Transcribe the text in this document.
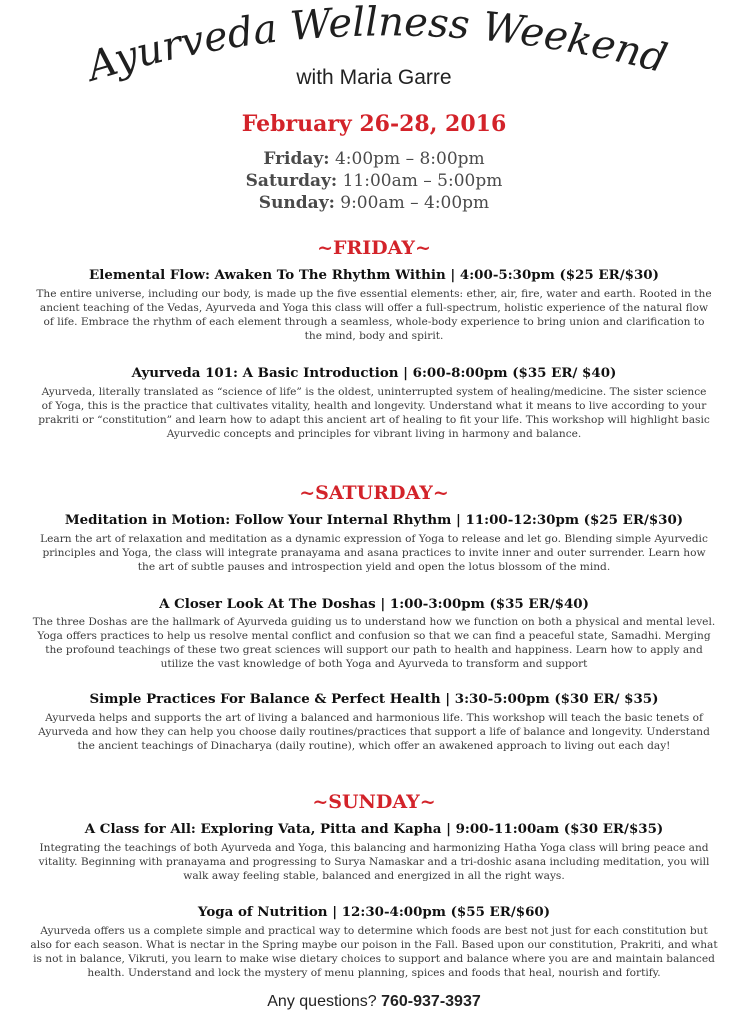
Ayurveda Wellness Weekend
with Maria Garre
February 26-28, 2016
Friday: 4:00pm – 8:00pm
Saturday: 11:00am – 5:00pm
Sunday: 9:00am – 4:00pm
~FRIDAY~
Elemental Flow: Awaken To The Rhythm Within | 4:00-5:30pm ($25 ER/$30)
The entire universe, including our body, is made up the five essential elements: ether, air, fire, water and earth. Rooted in the
ancient teaching of the Vedas, Ayurveda and Yoga this class will offer a full-spectrum, holistic experience of the natural flow
of life. Embrace the rhythm of each element through a seamless, whole-body experience to bring union and clarification to
the mind, body and spirit.
Ayurveda 101: A Basic Introduction | 6:00-8:00pm ($35 ER/ $40)
Ayurveda, literally translated as “science of life” is the oldest, uninterrupted system of healing/medicine. The sister science
of Yoga, this is the practice that cultivates vitality, health and longevity. Understand what it means to live according to your
prakriti or “constitution” and learn how to adapt this ancient art of healing to fit your life. This workshop will highlight basic
Ayurvedic concepts and principles for vibrant living in harmony and balance.
~SATURDAY~
Meditation in Motion: Follow Your Internal Rhythm | 11:00-12:30pm ($25 ER/$30)
Learn the art of relaxation and meditation as a dynamic expression of Yoga to release and let go. Blending simple Ayurvedic
principles and Yoga, the class will integrate pranayama and asana practices to invite inner and outer surrender. Learn how
the art of subtle pauses and introspection yield and open the lotus blossom of the mind.
A Closer Look At The Doshas | 1:00-3:00pm ($35 ER/$40)
The three Doshas are the hallmark of Ayurveda guiding us to understand how we function on both a physical and mental level.
Yoga offers practices to help us resolve mental conflict and confusion so that we can find a peaceful state, Samadhi. Merging
the profound teachings of these two great sciences will support our path to health and happiness. Learn how to apply and
utilize the vast knowledge of both Yoga and Ayurveda to transform and support
Simple Practices For Balance & Perfect Health | 3:30-5:00pm ($30 ER/ $35)
Ayurveda helps and supports the art of living a balanced and harmonious life. This workshop will teach the basic tenets of
Ayurveda and how they can help you choose daily routines/practices that support a life of balance and longevity. Understand
the ancient teachings of Dinacharya (daily routine), which offer an awakened approach to living out each day!
~SUNDAY~
A Class for All: Exploring Vata, Pitta and Kapha | 9:00-11:00am ($30 ER/$35)
Integrating the teachings of both Ayurveda and Yoga, this balancing and harmonizing Hatha Yoga class will bring peace and
vitality. Beginning with pranayama and progressing to Surya Namaskar and a tri-doshic asana including meditation, you will
walk away feeling stable, balanced and energized in all the right ways.
Yoga of Nutrition | 12:30-4:00pm ($55 ER/$60)
Ayurveda offers us a complete simple and practical way to determine which foods are best not just for each constitution but
also for each season. What is nectar in the Spring maybe our poison in the Fall. Based upon our constitution, Prakriti, and what
is not in balance, Vikruti, you learn to make wise dietary choices to support and balance where you are and maintain balanced
health. Understand and lock the mystery of menu planning, spices and foods that heal, nourish and fortify.
Any questions? 760-937-3937
